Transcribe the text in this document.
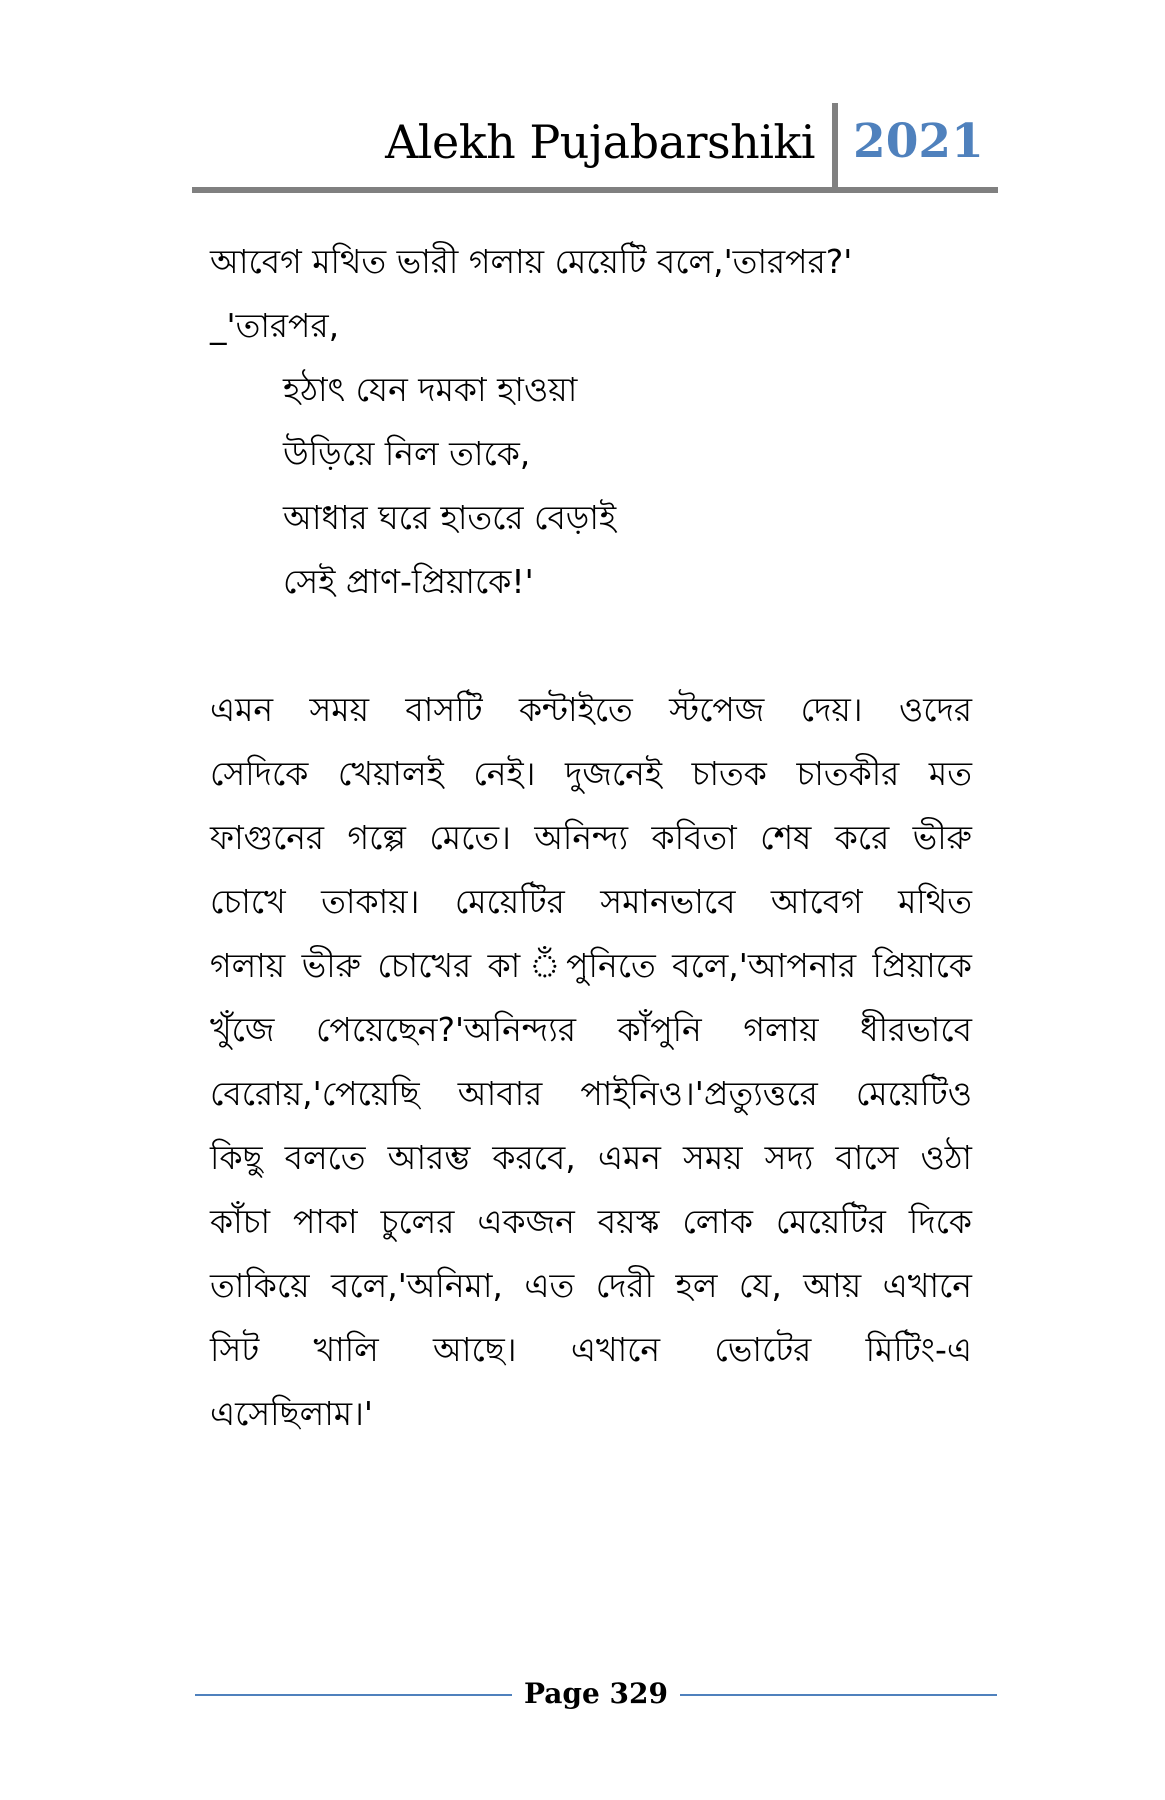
Alekh Pujabarshiki 2021
আবেগ মথিত ভারী গলায় মেয়েটি বলে,'তারপর?'
_'তারপর,
হঠাৎ যেন দমকা হাওয়া
উড়িয়ে নিল তাকে,
আধার ঘরে হাতরে বেড়াই
সেই প্রাণ-প্রিয়াকে!'
এমন সময় বাসটি কন্টাইতে স্টপেজ দেয়। ওদের
সেদিকে খেয়ালই নেই। দুজনেই চাতক চাতকীর মত
ফাগুনের গল্পে মেতে। অনিন্দ্য কবিতা শেষ করে ভীরু
চোখে তাকায়। মেয়েটির সমানভাবে আবেগ মথিত
গলায় ভীরু চোখের কা ঁপুনিতে বলে,'আপনার প্রিয়াকে
খুঁজে পেয়েছেন?'অনিন্দ্যর কাঁপুনি গলায় ধীরভাবে
বেরোয়,'পেয়েছি আবার পাইনিও।'প্রত্যুত্তরে মেয়েটিও
কিছু বলতে আরম্ভ করবে, এমন সময় সদ্য বাসে ওঠা
কাঁচা পাকা চুলের একজন বয়স্ক লোক মেয়েটির দিকে
তাকিয়ে বলে,'অনিমা, এত দেরী হল যে, আয় এখানে
সিট খালি আছে। এখানে ভোটের মিটিং-এ
এসেছিলাম।'
Page 329
